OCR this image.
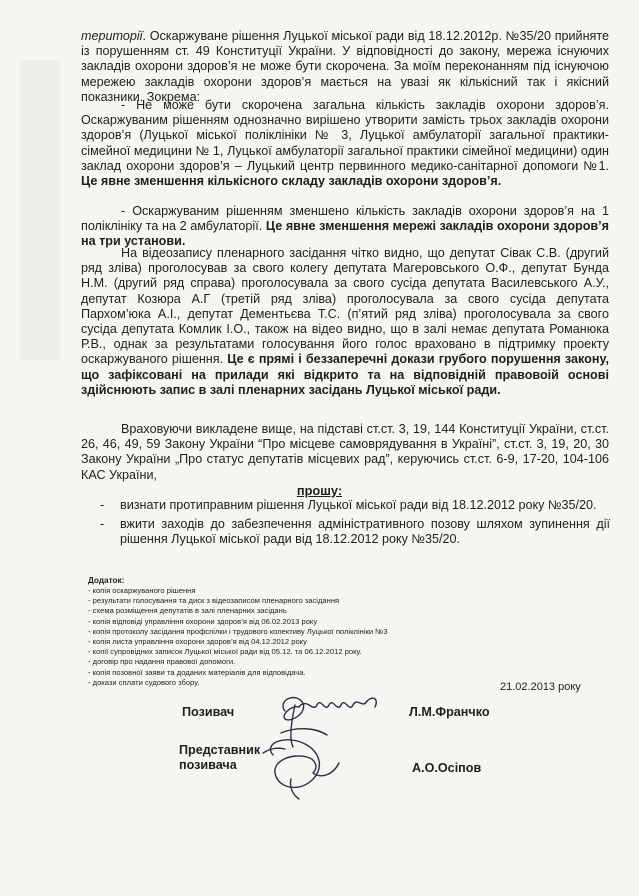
території. Оскаржуване рішення Луцької міської ради від 18.12.2012р. №35/20 прийняте із порушенням ст. 49 Конституції України. У відповідності до закону, мережа існуючих закладів охорони здоров’я не може бути скорочена. За моїм переконанням під існуючою мережею закладів охорони здоров’я мається на увазі як кількісний так і якісний показники. Зокрема:

- Не може бути скорочена загальна кількість закладів охорони здоров’я. Оскаржуваним рішенням однозначно вирішено утворити замість трьох закладів охорони здоров’я (Луцької міської поліклініки № 3, Луцької амбулаторії загальної практики-сімейної медицини № 1, Луцької амбулаторії загальної практики сімейної медицини) один заклад охорони здоров’я – Луцький центр первинного медико-санітарної допомоги №1. Це явне зменшення кількісного складу закладів охорони здоров’я.

- Оскаржуваним рішенням зменшено кількість закладів охорони здоров’я на 1 поліклініку та на 2 амбулаторії. Це явне зменшення мережі закладів охорони здоров’я на три установи.

На відеозапису пленарного засідання чітко видно, що депутат Сівак С.В. (другий ряд зліва) проголосував за свого колегу депутата Магеровського О.Ф., депутат Бунда Н.М. (другий ряд справа) проголосувала за свого сусіда депутата Василевського А.У., депутат Козюра А.Г (третій ряд зліва) проголосувала за свого сусіда депутата Пархом’юка А.І., депутат Дементьєва Т.С. (п’ятий ряд зліва) проголосувала за свого сусіда депутата Комлик І.О., також на відео видно, що в залі немає депутата Романюка Р.В., однак за результатами голосування його голос враховано в підтримку проекту оскаржуваного рішення. Це є прямі і беззаперечні докази грубого порушення закону, що зафіксовані на прилади які відкрито та на відповідній правовоій основі здійснюють запис в залі пленарних засідань Луцької міської ради.

Враховуючи викладене вище, на підставі ст.ст. 3, 19, 144 Конституції України, ст.ст. 26, 46, 49, 59 Закону України “Про місцеве самоврядування в Україні”, ст.ст. 3, 19, 20, 30 Закону України „Про статус депутатів місцевих рад”, керуючись ст.ст. 6-9, 17-20, 104-106 КАС України,

прошу:
- визнати протиправним рішення Луцької міської ради від 18.12.2012 року №35/20.
- вжити заходів до забезпечення адміністративного позову шляхом зупинення дії рішення Луцької міської ради від 18.12.2012 року №35/20.
Додаток:
- копія оскаржуваного рішення
- результати голосування та диск з відеозаписом пленарного засідання
- схема розміщення депутатів в залі пленарних засідань
- копія відповіді управління охорони здоров’я від 06.02.2013 року
- копія протоколу засідання профспілки і трудового колективу Луцької поліклініки №3
- копія листа управління охорони здоров’я від 04.12.2012 року
- копії супровідних записок Луцької міської ради від 05.12. та 06.12.2012 року.
- договір про надання правової допомоги.
- копія позовної заяви та доданих матеріалів для відповідача.
- докази сплати судового збору.	21.02.2013 року
Позивач	Л.М.Франчко
Представник позивача	А.О.Осіпов
